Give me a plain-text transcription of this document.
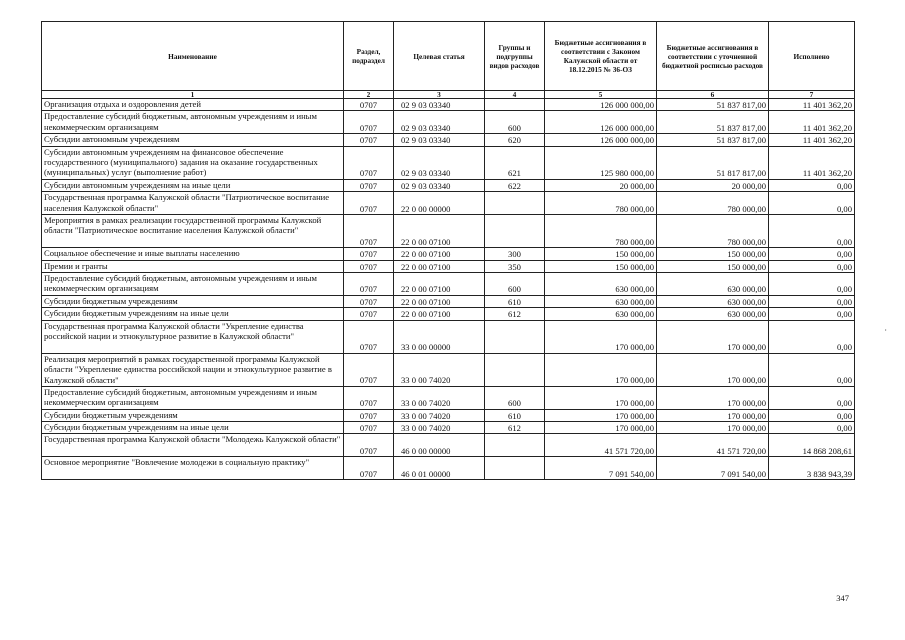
Наименование	Раздел, подраздел	Целевая статья	Группы и подгруппы видов расходов	Бюджетные ассигнования в соответствии с Законом Калужской области от 18.12.2015 № 36-ОЗ	Бюджетные ассигнования в соответствии с уточненной бюджетной росписью расходов	Исполнено
1	2	3	4	5	6	7
Организация отдыха и оздоровления детей	0707	02 9 03 03340		126 000 000,00	51 837 817,00	11 401 362,20
Предоставление субсидий бюджетным, автономным учреждениям и иным некоммерческим организациям	0707	02 9 03 03340	600	126 000 000,00	51 837 817,00	11 401 362,20
Субсидии автономным учреждениям	0707	02 9 03 03340	620	126 000 000,00	51 837 817,00	11 401 362,20
Субсидии автономным учреждениям на финансовое обеспечение государственного (муниципального) задания на оказание государственных (муниципальных) услуг (выполнение работ)	0707	02 9 03 03340	621	125 980 000,00	51 817 817,00	11 401 362,20
Субсидии автономным учреждениям на иные цели	0707	02 9 03 03340	622	20 000,00	20 000,00	0,00
Государственная программа Калужской области "Патриотическое воспитание населения Калужской области"	0707	22 0 00 00000		780 000,00	780 000,00	0,00
Мероприятия в рамках реализации государственной программы Калужской области "Патриотическое воспитание населения Калужской области"	0707	22 0 00 07100		780 000,00	780 000,00	0,00
Социальное обеспечение и иные выплаты населению	0707	22 0 00 07100	300	150 000,00	150 000,00	0,00
Премии и гранты	0707	22 0 00 07100	350	150 000,00	150 000,00	0,00
Предоставление субсидий бюджетным, автономным учреждениям и иным некоммерческим организациям	0707	22 0 00 07100	600	630 000,00	630 000,00	0,00
Субсидии бюджетным учреждениям	0707	22 0 00 07100	610	630 000,00	630 000,00	0,00
Субсидии бюджетным учреждениям на иные цели	0707	22 0 00 07100	612	630 000,00	630 000,00	0,00
Государственная программа Калужской области "Укрепление единства российской нации и этнокультурное развитие в Калужской области"	0707	33 0 00 00000		170 000,00	170 000,00	0,00
Реализация мероприятий в рамках государственной программы Калужской области "Укрепление единства российской нации и этнокультурное развитие в Калужской области"	0707	33 0 00 74020		170 000,00	170 000,00	0,00
Предоставление субсидий бюджетным, автономным учреждениям и иным некоммерческим организациям	0707	33 0 00 74020	600	170 000,00	170 000,00	0,00
Субсидии бюджетным учреждениям	0707	33 0 00 74020	610	170 000,00	170 000,00	0,00
Субсидии бюджетным учреждениям на иные цели	0707	33 0 00 74020	612	170 000,00	170 000,00	0,00
Государственная программа Калужской области "Молодежь Калужской области"	0707	46 0 00 00000		41 571 720,00	41 571 720,00	14 868 208,61
Основное мероприятие "Вовлечение молодежи в социальную практику"	0707	46 0 01 00000		7 091 540,00	7 091 540,00	3 838 943,39
·
347
